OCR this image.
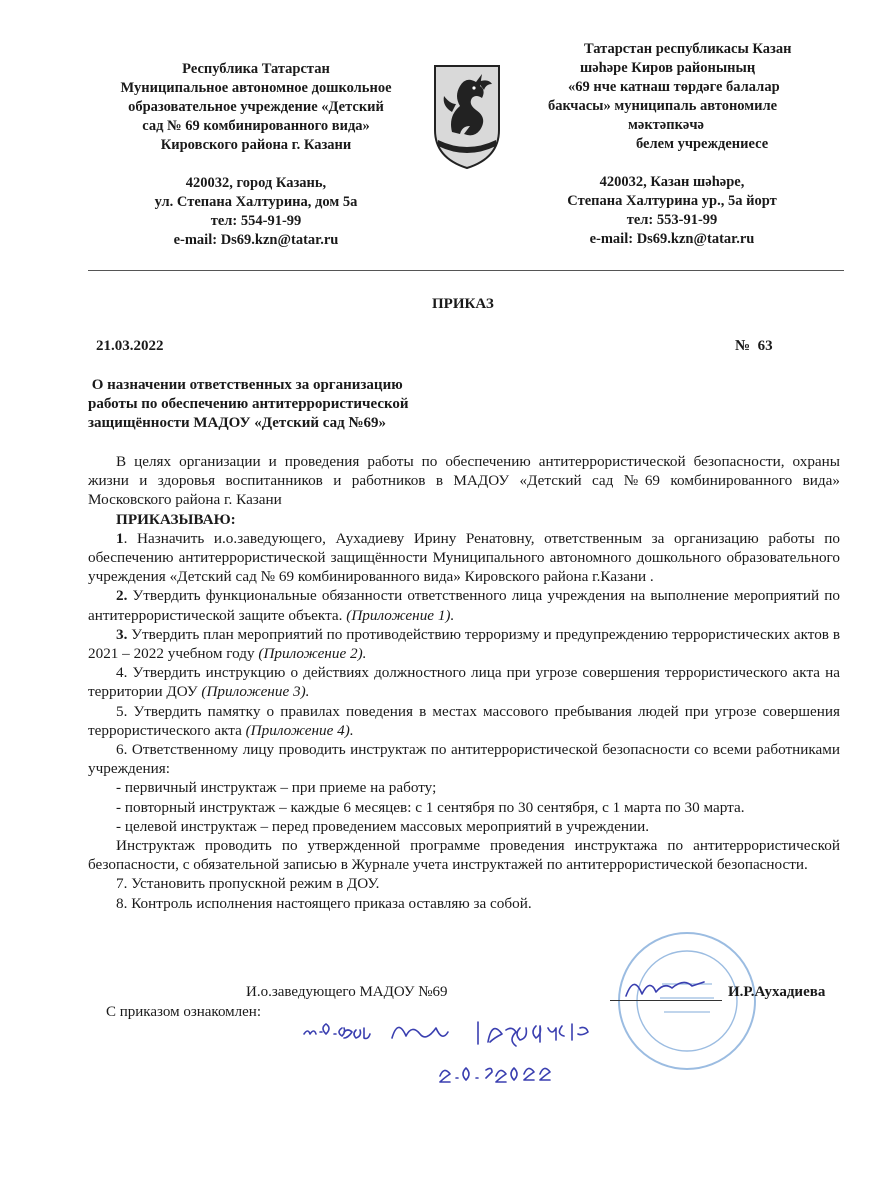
Республика Татарстан
Муниципальное автономное дошкольное
образовательное учреждение «Детский
сад № 69 комбинированного вида»
Кировского района г. Казани
420032, город Казань,
ул. Степана Халтурина, дом 5а
тел: 554-91-99
e-mail: Ds69.kzn@tatar.ru
Татарстан республикасы Казан
шәһәре Киров районының
«69 нче катнаш төрдәге балалар
бакчасы» муниципаль автономиле
мәктәпкәчә
белем учреждениесе
420032, Казан шәһәре,
Степана Халтурина ур., 5а йорт
тел: 553-91-99
e-mail: Ds69.kzn@tatar.ru
ПРИКАЗ
21.03.2022	№  63
О назначении ответственных за организацию
работы по обеспечению антитеррористической
защищённости МАДОУ «Детский сад №69»

В целях организации и проведения работы по обеспечению антитеррористической безопасности, охраны жизни и здоровья воспитанников и работников в МАДОУ «Детский сад №69 комбинированного вида» Московского района г. Казани

ПРИКАЗЫВАЮ:

1. Назначить и.о.заведующего, Аухадиеву Ирину Ренатовну, ответственным за организацию работы по обеспечению антитеррористической защищённости Муниципального автономного дошкольного образовательного учреждения «Детский сад № 69 комбинированного вида» Кировского района г.Казани .

2. Утвердить функциональные обязанности ответственного лица учреждения на выполнение мероприятий по антитеррористической защите объекта. (Приложение 1).

3. Утвердить план мероприятий по противодействию терроризму и предупреждению террористических актов в 2021 – 2022 учебном году (Приложение 2).

4. Утвердить инструкцию о действиях должностного лица при угрозе совершения террористического акта на территории ДОУ (Приложение 3).

5. Утвердить памятку о правилах поведения в местах массового пребывания людей при угрозе совершения террористического акта (Приложение 4).

6. Ответственному лицу проводить инструктаж по антитеррористической безопасности со всеми работниками учреждения:

- первичный инструктаж – при приеме на работу;

- повторный инструктаж – каждые 6 месяцев: с 1 сентября по 30 сентября, с 1 марта по 30 марта.

- целевой инструктаж – перед проведением массовых мероприятий в учреждении.

Инструктаж проводить по утвержденной программе проведения инструктажа по антитеррористической безопасности, с обязательной записью в Журнале учета инструктажей по антитеррористической безопасности.

7. Установить пропускной режим в ДОУ.

8. Контроль исполнения настоящего приказа оставляю за собой.

И.о.заведующего МАДОУ №69	И.Р.Аухадиева
С приказом ознакомлен:
